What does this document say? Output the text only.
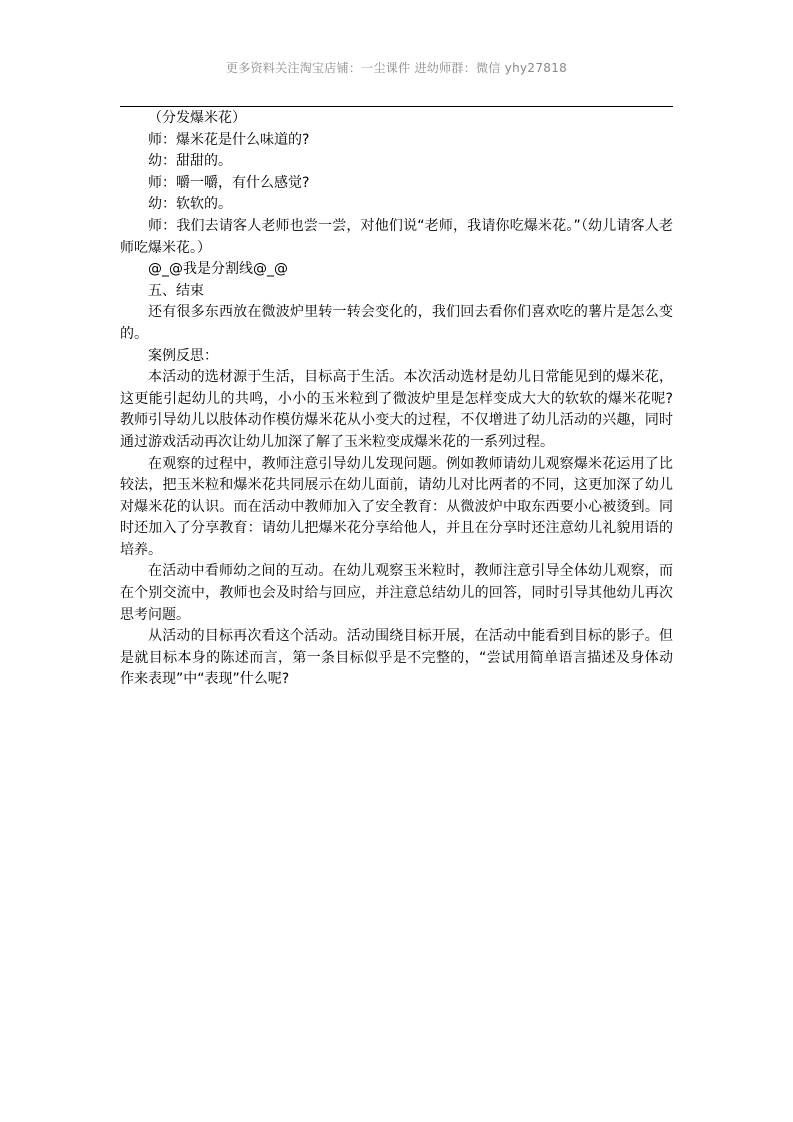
更多资料关注淘宝店铺：一尘课件 进幼师群：微信 yhy27818

（分发爆米花）

师：爆米花是什么味道的?

幼：甜甜的。

师：嚼一嚼，有什么感觉?

幼：软软的。

师：我们去请客人老师也尝一尝，对他们说“老师，我请你吃爆米花。”（幼儿请客人老师吃爆米花。）

@_@我是分割线@_@

五、结束

还有很多东西放在微波炉里转一转会变化的，我们回去看你们喜欢吃的薯片是怎么变的。

案例反思：

本活动的选材源于生活，目标高于生活。本次活动选材是幼儿日常能见到的爆米花，这更能引起幼儿的共鸣，小小的玉米粒到了微波炉里是怎样变成大大的软软的爆米花呢?教师引导幼儿以肢体动作模仿爆米花从小变大的过程，不仅增进了幼儿活动的兴趣，同时通过游戏活动再次让幼儿加深了解了玉米粒变成爆米花的一系列过程。

在观察的过程中，教师注意引导幼儿发现问题。例如教师请幼儿观察爆米花运用了比较法，把玉米粒和爆米花共同展示在幼儿面前，请幼儿对比两者的不同，这更加深了幼儿对爆米花的认识。而在活动中教师加入了安全教育：从微波炉中取东西要小心被烫到。同时还加入了分享教育：请幼儿把爆米花分享给他人，并且在分享时还注意幼儿礼貌用语的培养。

在活动中看师幼之间的互动。在幼儿观察玉米粒时，教师注意引导全体幼儿观察，而在个别交流中，教师也会及时给与回应，并注意总结幼儿的回答，同时引导其他幼儿再次思考问题。

从活动的目标再次看这个活动。活动围绕目标开展，在活动中能看到目标的影子。但是就目标本身的陈述而言，第一条目标似乎是不完整的，“尝试用简单语言描述及身体动作来表现”中“表现”什么呢?
